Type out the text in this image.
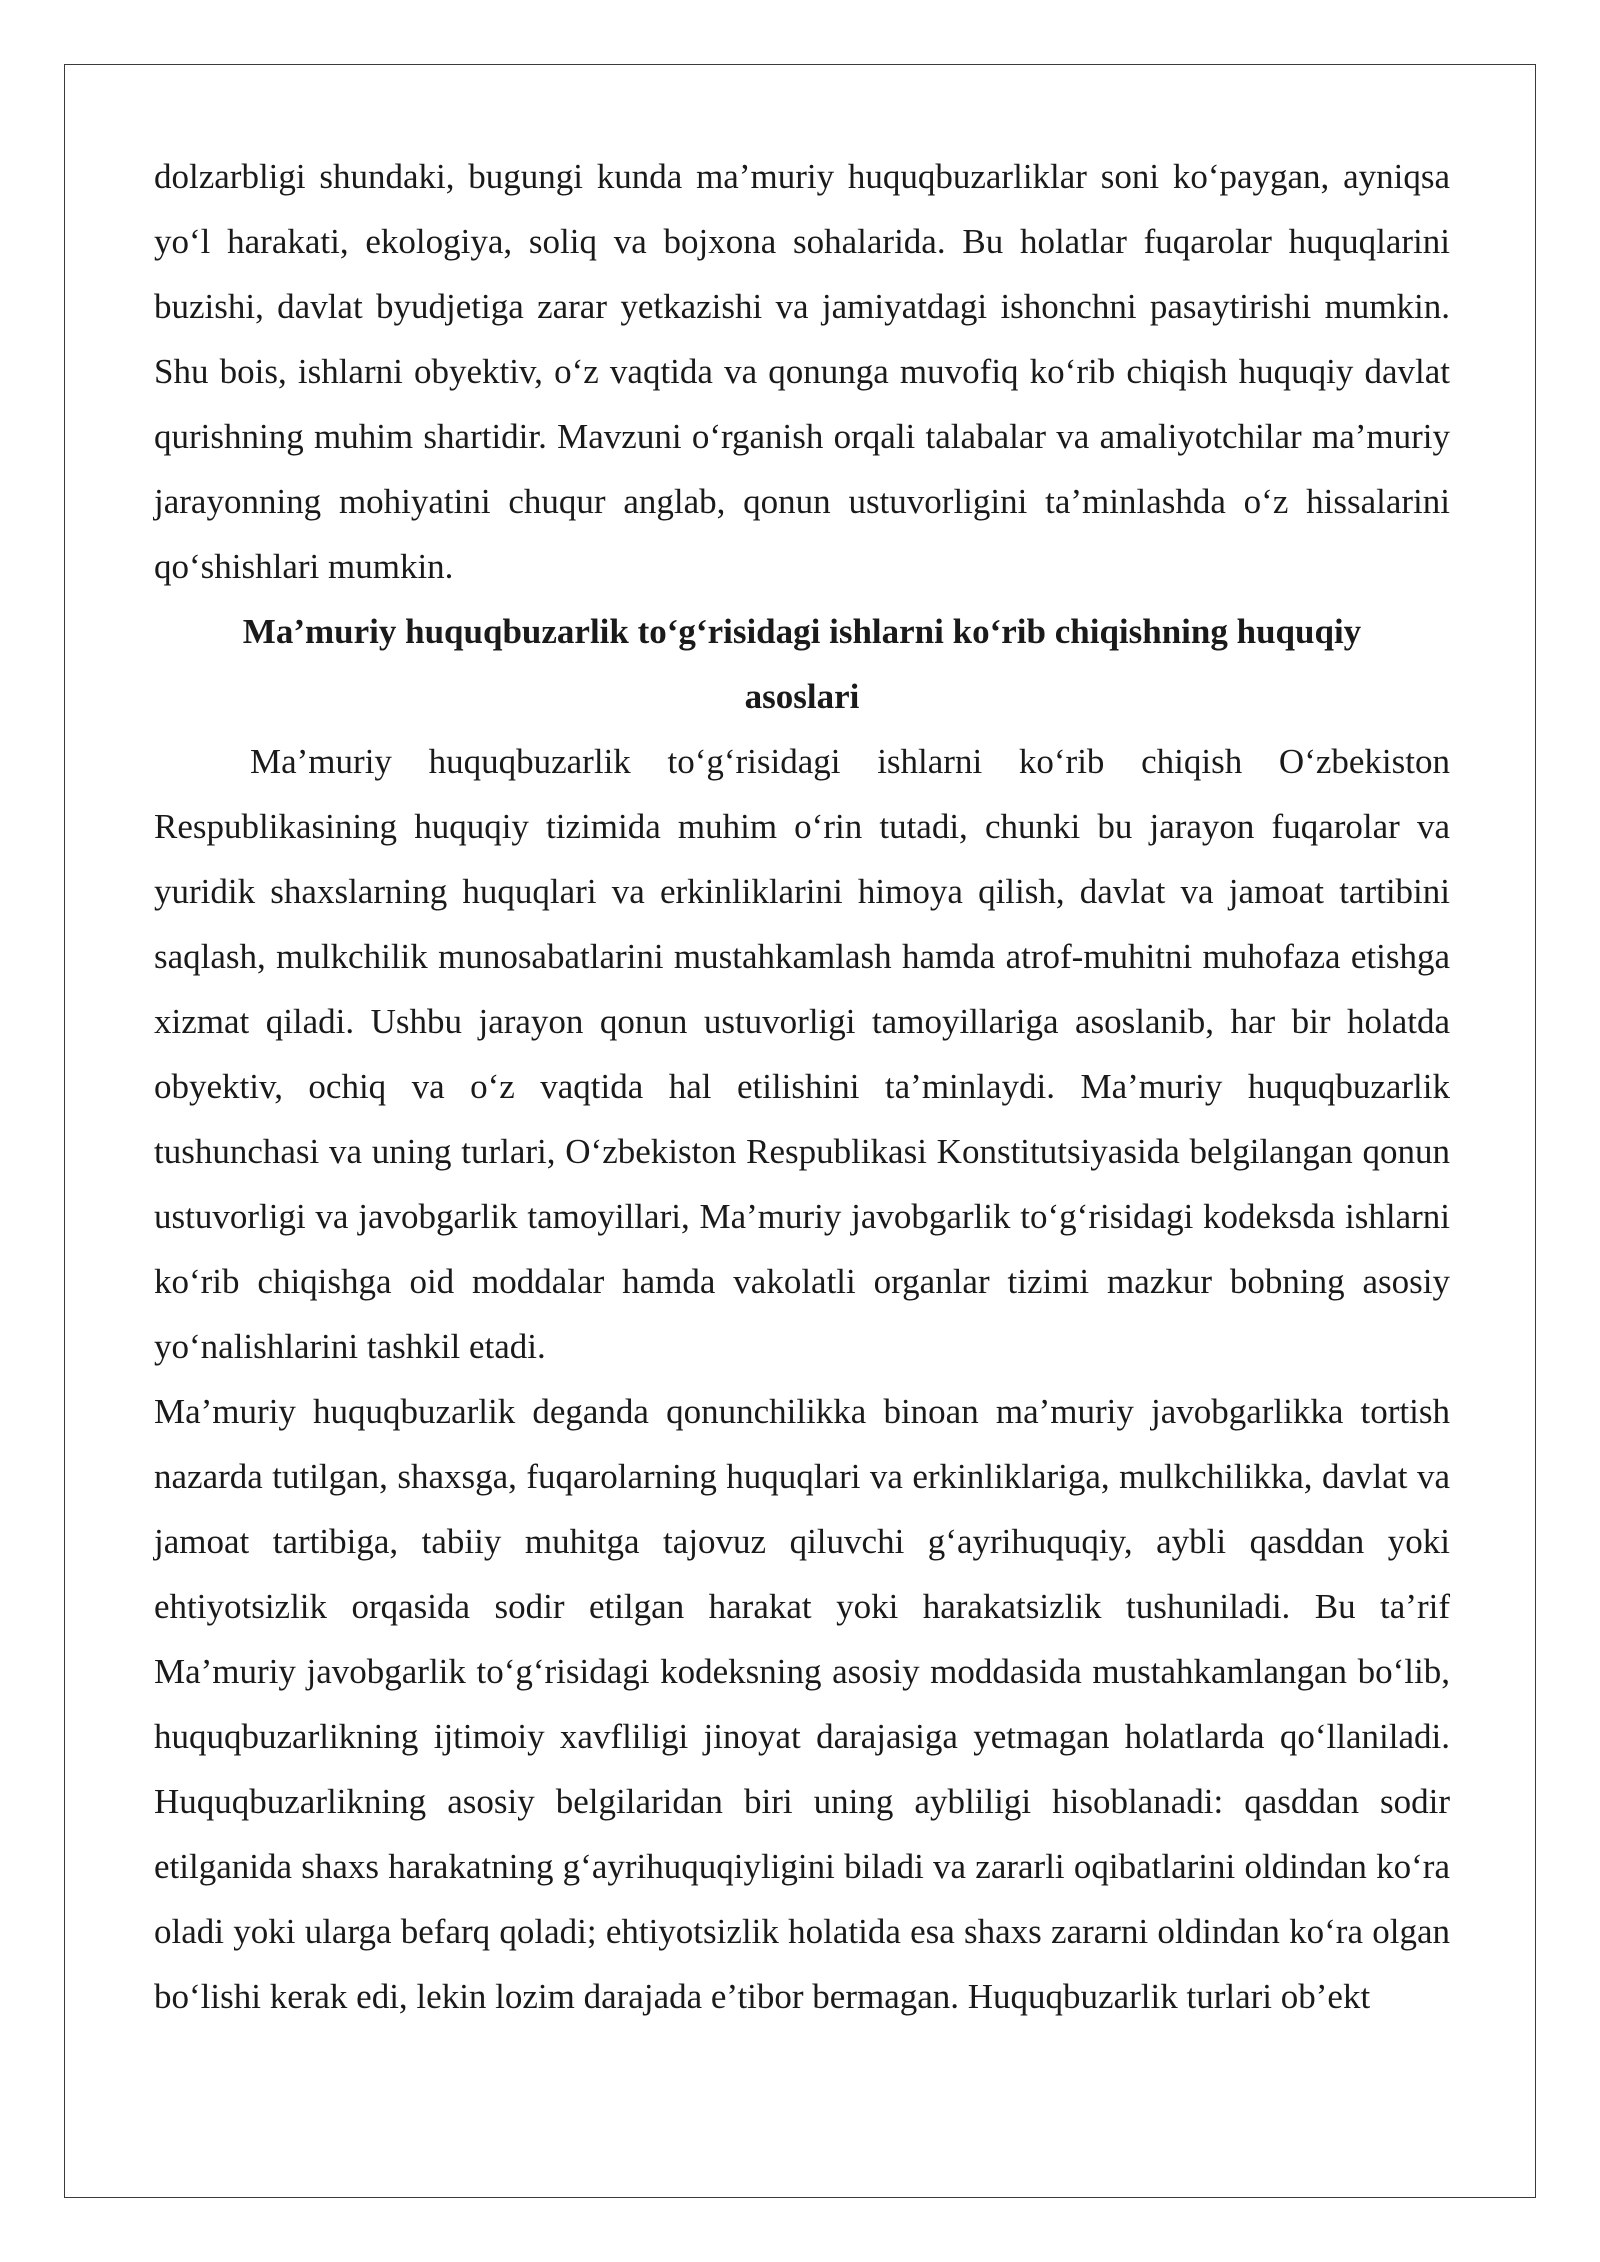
dolzarbligi shundaki, bugungi kunda ma’muriy huquqbuzarliklar soni ko‘paygan, ayniqsa yo‘l harakati, ekologiya, soliq va bojxona sohalarida. Bu holatlar fuqarolar huquqlarini buzishi, davlat byudjetiga zarar yetkazishi va jamiyatdagi ishonchni pasaytirishi mumkin. Shu bois, ishlarni obyektiv, o‘z vaqtida va qonunga muvofiq ko‘rib chiqish huquqiy davlat qurishning muhim shartidir. Mavzuni o‘rganish orqali talabalar va amaliyotchilar ma’muriy jarayonning mohiyatini chuqur anglab, qonun ustuvorligini ta’minlashda o‘z hissalarini qo‘shishlari mumkin.

Ma’muriy huquqbuzarlik to‘g‘risidagi ishlarni ko‘rib chiqishning huquqiy asoslari

Ma’muriy huquqbuzarlik to‘g‘risidagi ishlarni ko‘rib chiqish O‘zbekiston Respublikasining huquqiy tizimida muhim o‘rin tutadi, chunki bu jarayon fuqarolar va yuridik shaxslarning huquqlari va erkinliklarini himoya qilish, davlat va jamoat tartibini saqlash, mulkchilik munosabatlarini mustahkamlash hamda atrof-muhitni muhofaza etishga xizmat qiladi. Ushbu jarayon qonun ustuvorligi tamoyillariga asoslanib, har bir holatda obyektiv, ochiq va o‘z vaqtida hal etilishini ta’minlaydi. Ma’muriy huquqbuzarlik tushunchasi va uning turlari, O‘zbekiston Respublikasi Konstitutsiyasida belgilangan qonun ustuvorligi va javobgarlik tamoyillari, Ma’muriy javobgarlik to‘g‘risidagi kodeksda ishlarni ko‘rib chiqishga oid moddalar hamda vakolatli organlar tizimi mazkur bobning asosiy yo‘nalishlarini tashkil etadi.

Ma’muriy huquqbuzarlik deganda qonunchilikka binoan ma’muriy javobgarlikka tortish nazarda tutilgan, shaxsga, fuqarolarning huquqlari va erkinliklariga, mulkchilikka, davlat va jamoat tartibiga, tabiiy muhitga tajovuz qiluvchi g‘ayrihuquqiy, aybli qasddan yoki ehtiyotsizlik orqasida sodir etilgan harakat yoki harakatsizlik tushuniladi. Bu ta’rif Ma’muriy javobgarlik to‘g‘risidagi kodeksning asosiy moddasida mustahkamlangan bo‘lib, huquqbuzarlikning ijtimoiy xavfliligi jinoyat darajasiga yetmagan holatlarda qo‘llaniladi. Huquqbuzarlikning asosiy belgilaridan biri uning aybliligi hisoblanadi: qasddan sodir etilganida shaxs harakatning g‘ayrihuquqiyligini biladi va zararli oqibatlarini oldindan ko‘ra oladi yoki ularga befarq qoladi; ehtiyotsizlik holatida esa shaxs zararni oldindan ko‘ra olgan bo‘lishi kerak edi, lekin lozim darajada e’tibor bermagan. Huquqbuzarlik turlari ob’ekt
